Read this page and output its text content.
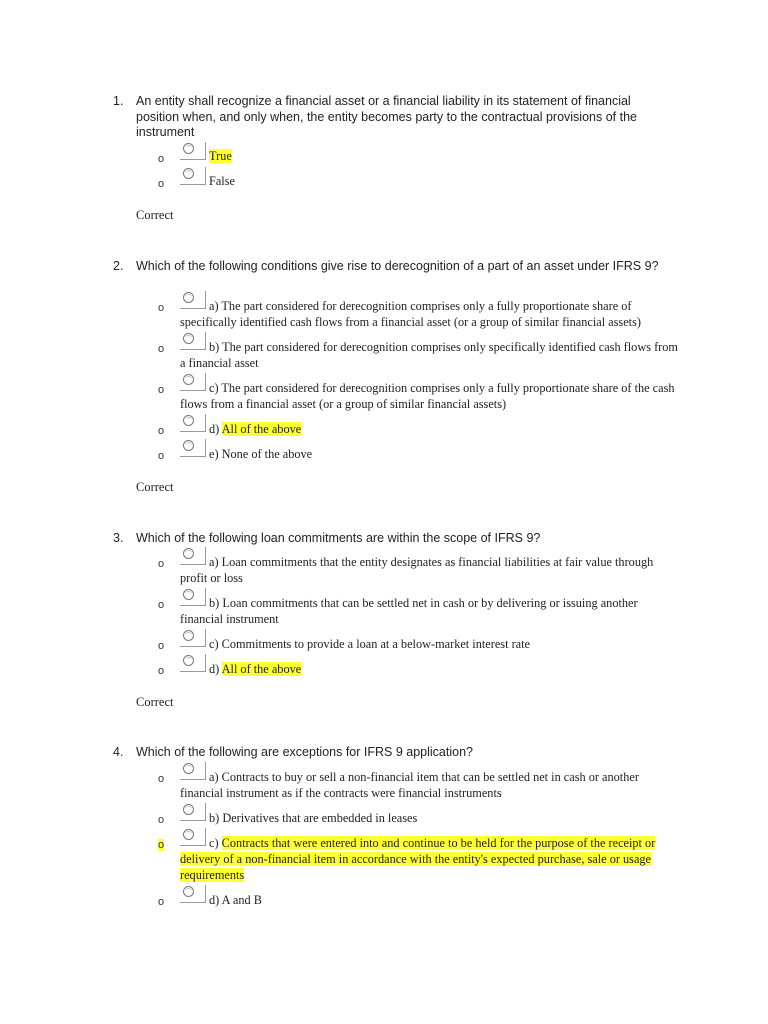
1. An entity shall recognize a financial asset or a financial liability in its statement of financial position when, and only when, the entity becomes party to the contractual provisions of the instrument
o	True
o	False
Correct
2. Which of the following conditions give rise to derecognition of a part of an asset under IFRS 9?
o	a) The part considered for derecognition comprises only a fully proportionate share of specifically identified cash flows from a financial asset (or a group of similar financial assets)
o	b) The part considered for derecognition comprises only specifically identified cash flows from a financial asset
o	c) The part considered for derecognition comprises only a fully proportionate share of the cash flows from a financial asset (or a group of similar financial assets)
o	d) All of the above
o	e) None of the above
Correct
3. Which of the following loan commitments are within the scope of IFRS 9?
o	a) Loan commitments that the entity designates as financial liabilities at fair value through profit or loss
o	b) Loan commitments that can be settled net in cash or by delivering or issuing another financial instrument
o	c) Commitments to provide a loan at a below-market interest rate
o	d) All of the above
Correct
4. Which of the following are exceptions for IFRS 9 application?
o	a) Contracts to buy or sell a non-financial item that can be settled net in cash or another financial instrument as if the contracts were financial instruments
o	b) Derivatives that are embedded in leases
o	c) Contracts that were entered into and continue to be held for the purpose of the receipt or delivery of a non-financial item in accordance with the entity's expected purchase, sale or usage requirements
o	d) A and B
